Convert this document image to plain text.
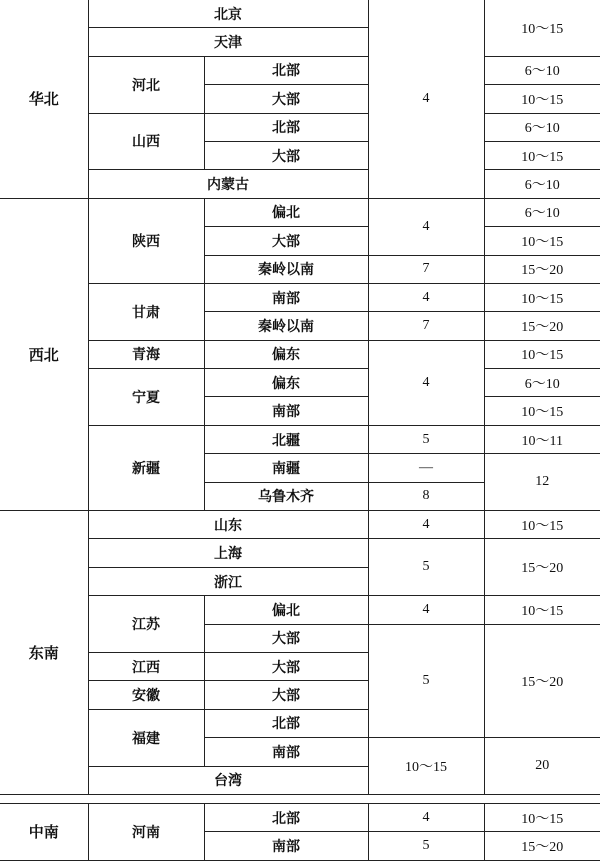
华北	北京		4	10～15
	天津			
	河北	北部		6～10
		大部		10～15
	山西	北部		6～10
		大部		10～15
	内蒙古			6～10
西北	陕西	偏北	4	6～10
		大部		10～15
		秦岭以南	7	15～20
	甘肃	南部	4	10～15
		秦岭以南	7	15～20
	青海	偏东	4	10～15
	宁夏	偏东		6～10
		南部		10～15
	新疆	北疆	5	10～11
		南疆	—	12
		乌鲁木齐	8	
东南	山东		4	10～15
	上海		5	15～20
	浙江			
	江苏	偏北	4	10～15
		大部	5	15～20
	江西	大部		
	安徽	大部		
	福建	北部		
		南部	10～15	20
	台湾			

中南	河南	北部	4	10～15
		南部	5	15～20
